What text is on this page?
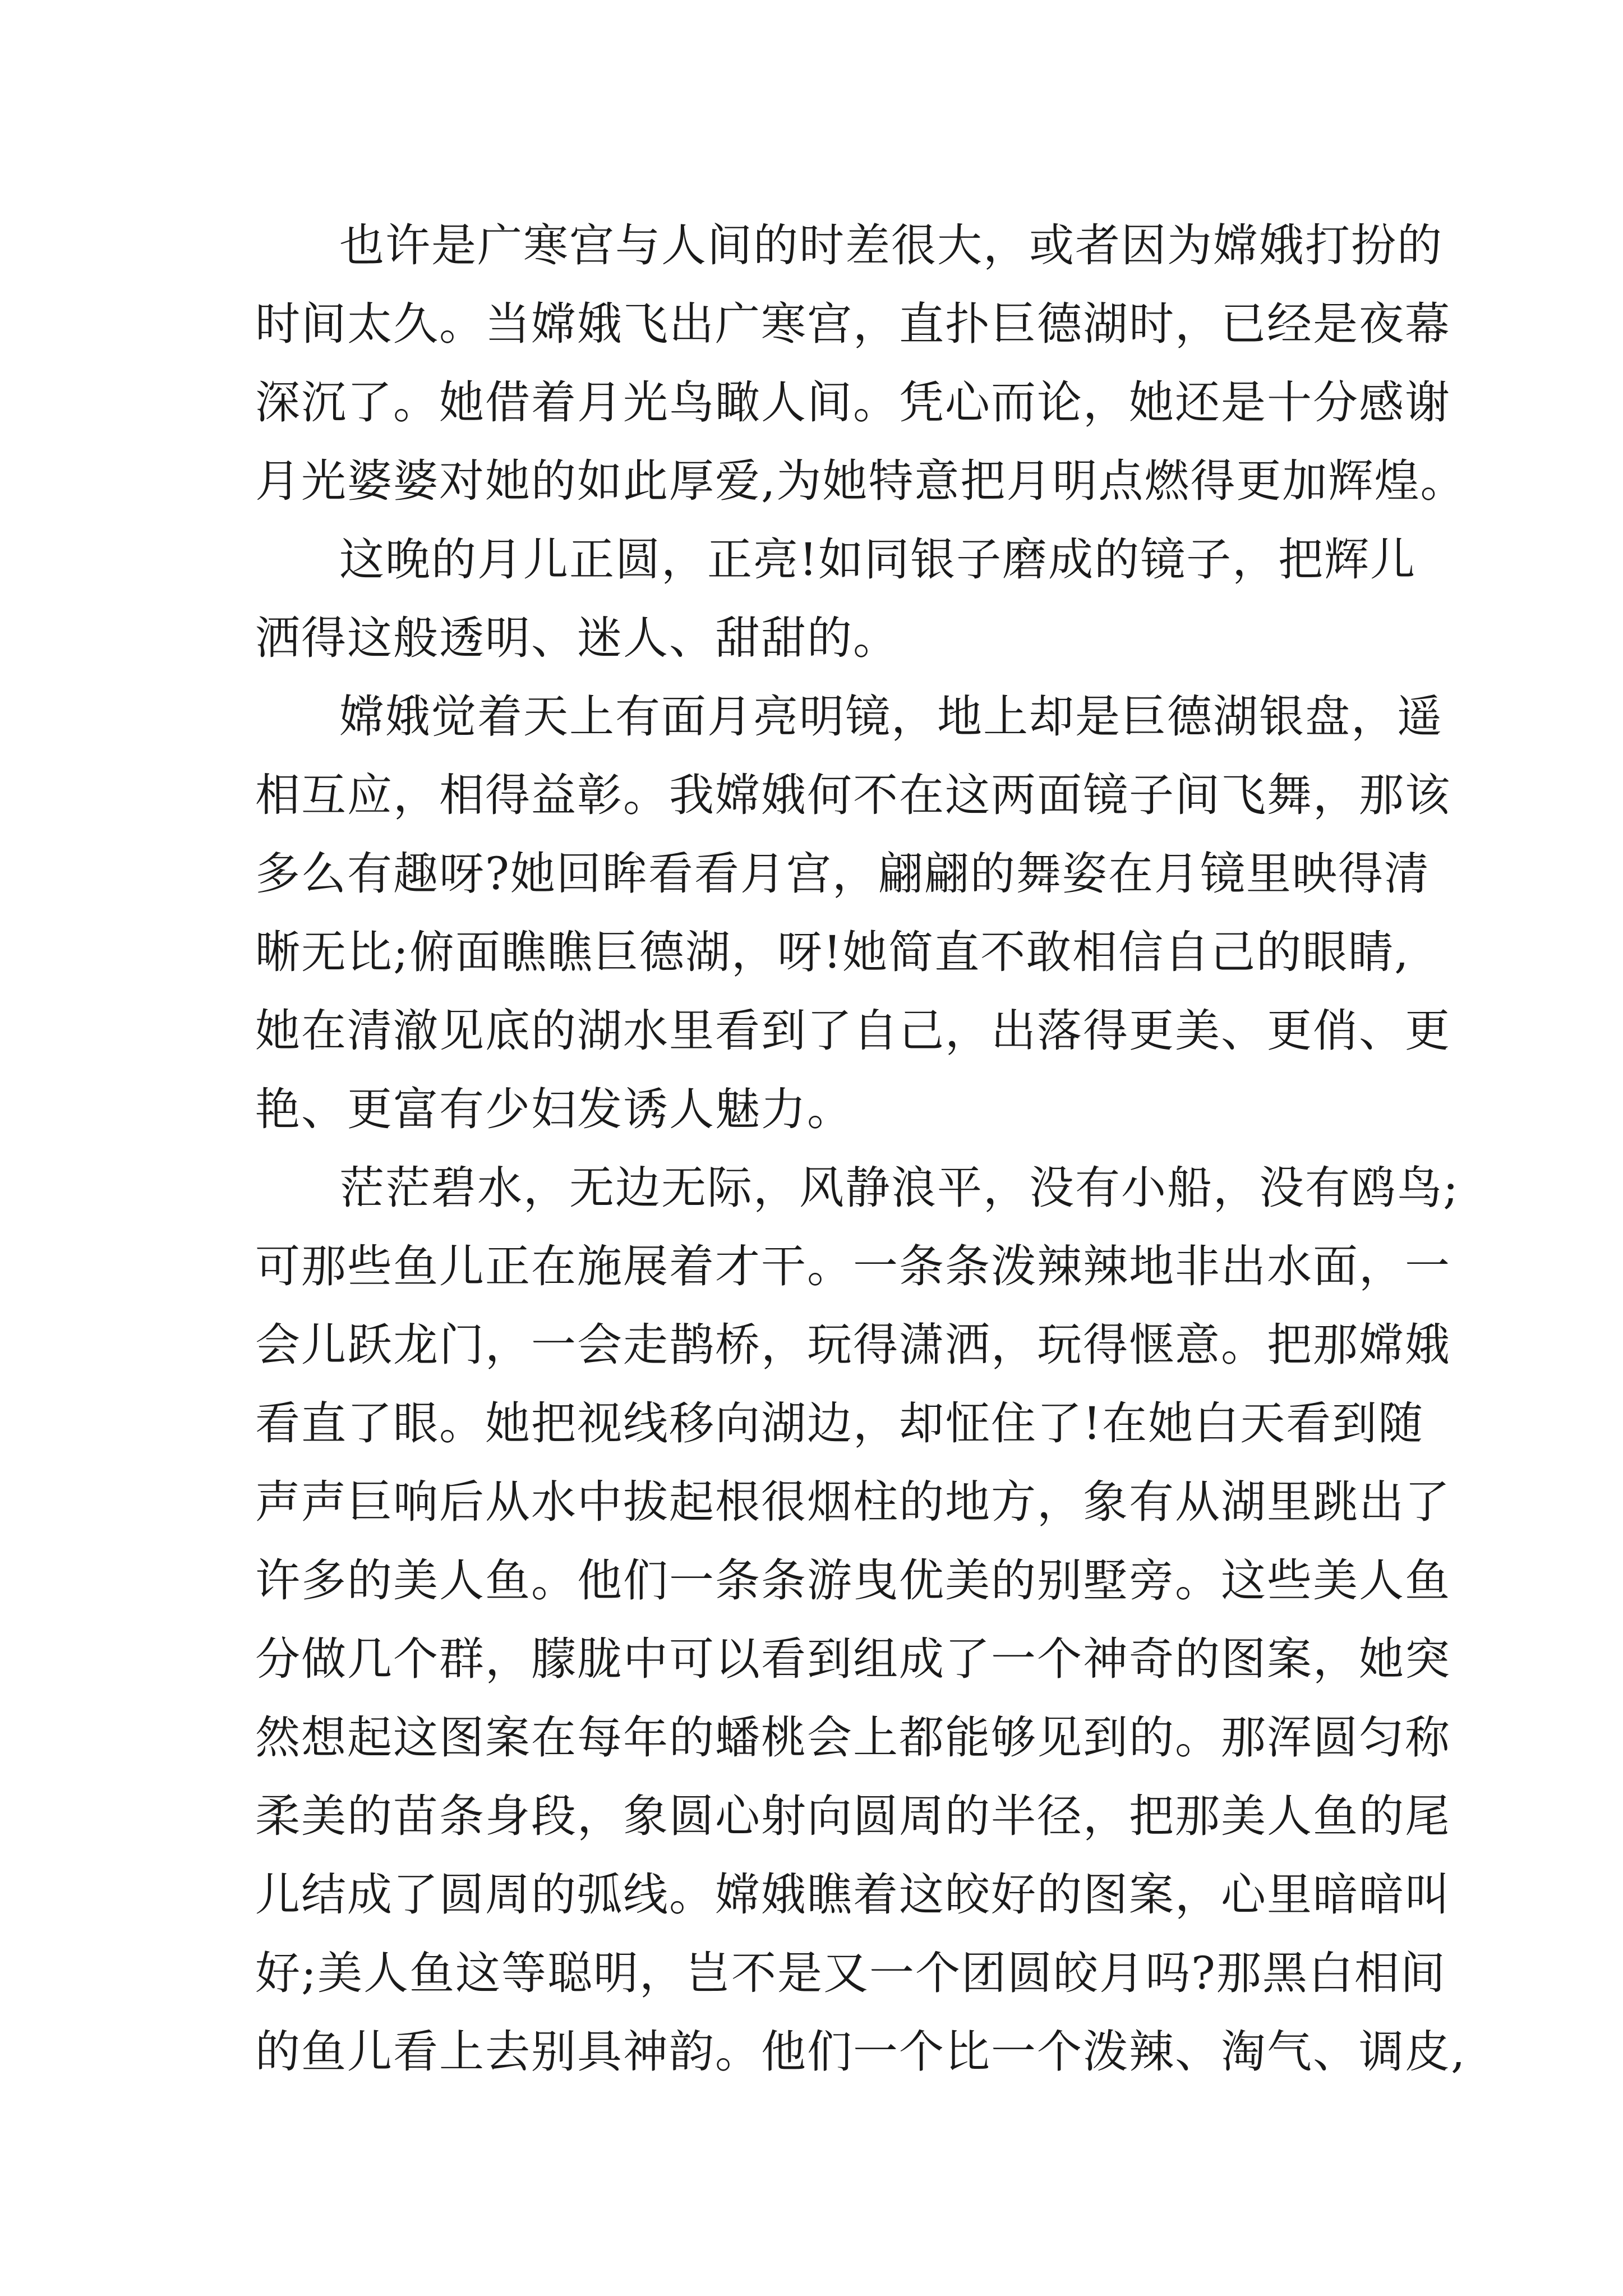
也许是广寒宫与人间的时差很大，或者因为嫦娥打扮的
时间太久。当嫦娥飞出广寒宫，直扑巨德湖时，已经是夜幕
深沉了。她借着月光鸟瞰人间。凭心而论，她还是十分感谢
月光婆婆对她的如此厚爱,为她特意把月明点燃得更加辉煌。
这晚的月儿正圆，正亮!如同银子磨成的镜子，把辉儿
洒得这般透明、迷人、甜甜的。
嫦娥觉着天上有面月亮明镜，地上却是巨德湖银盘，遥
相互应，相得益彰。我嫦娥何不在这两面镜子间飞舞，那该
多么有趣呀?她回眸看看月宫，翩翩的舞姿在月镜里映得清
晰无比;俯面瞧瞧巨德湖，呀!她简直不敢相信自己的眼睛,
她在清澈见底的湖水里看到了自己，出落得更美、更俏、更
艳、更富有少妇发诱人魅力。
茫茫碧水，无边无际，风静浪平，没有小船，没有鸥鸟;
可那些鱼儿正在施展着才干。一条条泼辣辣地非出水面，一
会儿跃龙门，一会走鹊桥，玩得潇洒，玩得惬意。把那嫦娥
看直了眼。她把视线移向湖边，却怔住了!在她白天看到随
声声巨响后从水中拔起根很烟柱的地方，象有从湖里跳出了
许多的美人鱼。他们一条条游曳优美的别墅旁。这些美人鱼
分做几个群，朦胧中可以看到组成了一个神奇的图案，她突
然想起这图案在每年的蟠桃会上都能够见到的。那浑圆匀称
柔美的苗条身段，象圆心射向圆周的半径，把那美人鱼的尾
儿结成了圆周的弧线。嫦娥瞧着这皎好的图案，心里暗暗叫
好;美人鱼这等聪明，岂不是又一个团圆皎月吗?那黑白相间
的鱼儿看上去别具神韵。他们一个比一个泼辣、淘气、调皮,
